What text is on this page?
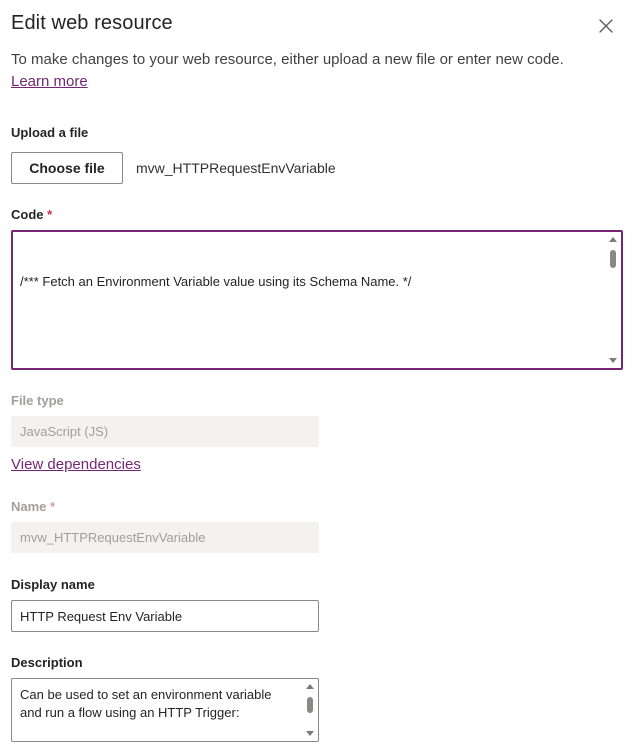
Edit web resource
To make changes to your web resource, either upload a new file or enter new code.
Learn more
Upload a file
Choose file	mvw_HTTPRequestEnvVariable
Code *

/*** Fetch an Environment Variable value using its Schema Name. */

File type
JavaScript (JS)
View dependencies
Name *
mvw_HTTPRequestEnvVariable
Display name
HTTP Request Env Variable
Description
Can be used to set an environment variable
and run a flow using an HTTP Trigger:
